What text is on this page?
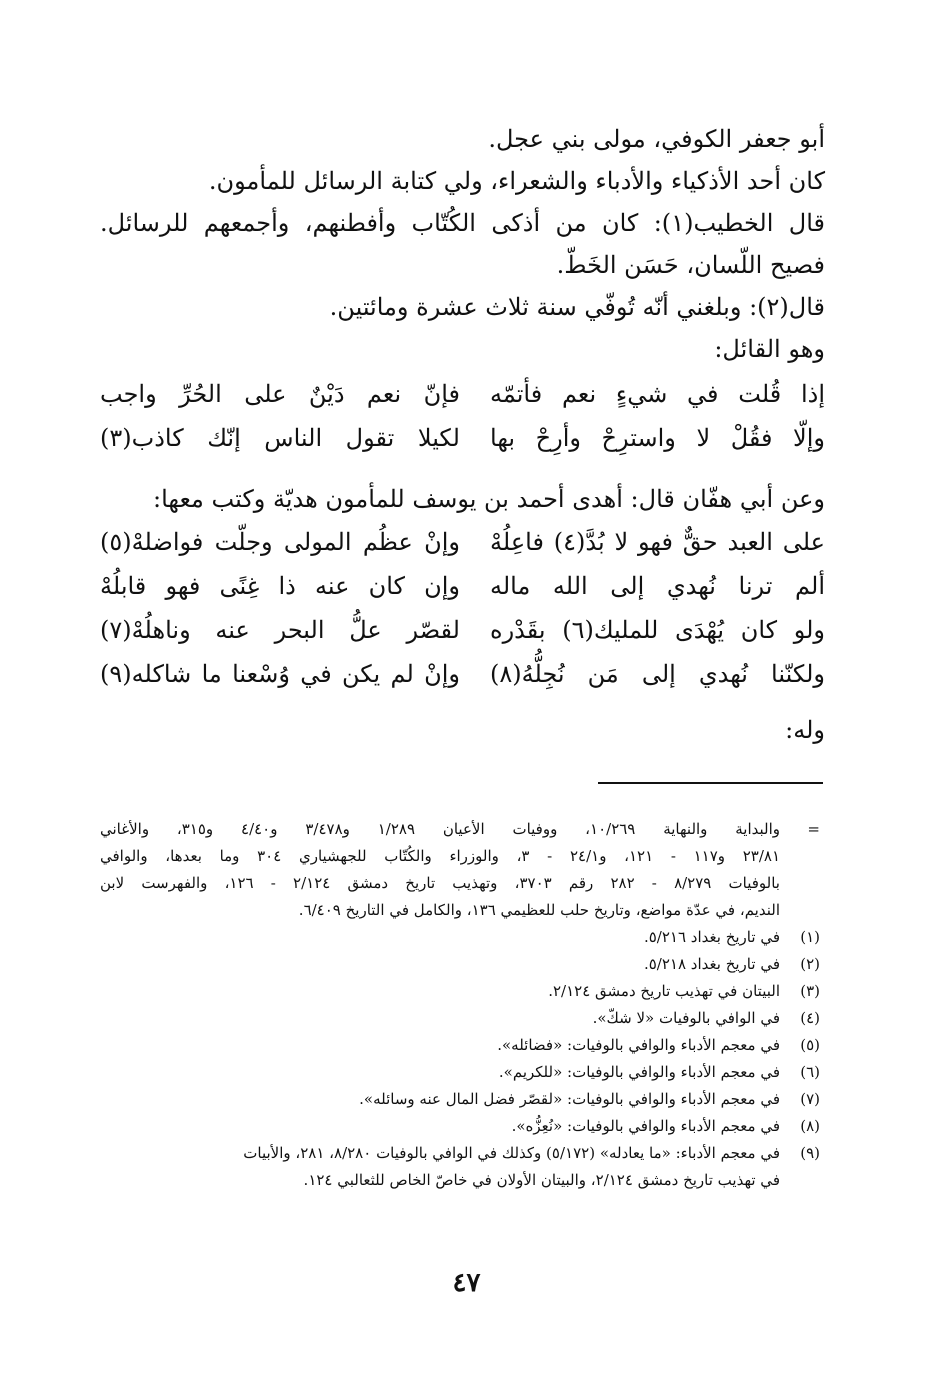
أبو جعفر الكوفي، مولى بني عجل.
كان أحد الأذكياء والأدباء والشعراء، ولي كتابة الرسائل للمأمون.
قال الخطيب(١): كان من أذكى الكُتّاب وأفطنهم، وأجمعهم للرسائل.
فصيح اللّسان، حَسَن الخَطّ.
قال(٢): وبلغني أنّه تُوفّي سنة ثلاث عشرة ومائتين.
وهو القائل:
إذا قُلت في شيءٍ نعم فأتمّه
فإنّ نعم دَيْنٌ على الحُرِّ واجب
وإلّا فقُلْ لا واسترِحْ وأرِحْ بها
لكيلا تقول الناس إنّك كاذب(٣)
وعن أبي هفّان قال: أهدى أحمد بن يوسف للمأمون هديّة وكتب معها:
على العبد حقٌّ فهو لا بُدَّ(٤) فاعِلُهْ
وإنْ عظُم المولى وجلّت فواضلهْ(٥)
ألم ترنا نُهدي إلى الله ماله
وإن كان عنه ذا غِنًى فهو قابلُهْ
ولو كان يُهْدَى للمليك(٦) بقَدْره
لقصّر علُّ البحر عنه وناهلُهْ(٧)
ولكنّنا نُهدي إلى مَن نُجِلُّهُ(٨)
وإنْ لم يكن في وُسْعنا ما شاكله(٩)
وله:
=
والبداية والنهاية ١٠/٢٦٩، ووفيات الأعيان ١/٢٨٩ و٣/٤٧٨ و٤/٤٠ و٣١٥، والأغاني
٢٣/٨١ و١١٧ - ١٢١، و٢٤/١ - ٣، والوزراء والكُتّاب للجهشياري ٣٠٤ وما بعدها، والوافي
بالوفيات ٨/٢٧٩ - ٢٨٢ رقم ٣٧٠٣، وتهذيب تاريخ دمشق ٢/١٢٤ - ١٢٦، والفهرست لابن
النديم، في عدّة مواضع، وتاريخ حلب للعظيمي ١٣٦، والكامل في التاريخ ٦/٤٠٩.
(١)
في تاريخ بغداد ٥/٢١٦.
(٢)
في تاريخ بغداد ٥/٢١٨.
(٣)
البيتان في تهذيب تاريخ دمشق ٢/١٢٤.
(٤)
في الوافي بالوفيات «لا شكّ».
(٥)
في معجم الأدباء والوافي بالوفيات: «فضائله».
(٦)
في معجم الأدباء والوافي بالوفيات: «للكريم».
(٧)
في معجم الأدباء والوافي بالوفيات: «لقصّر فضل المال عنه وسائله».
(٨)
في معجم الأدباء والوافي بالوفيات: «نُعِزُّه».
(٩)
في معجم الأدباء: «ما يعادله» (٥/١٧٢) وكذلك في الوافي بالوفيات ٨/٢٨٠، ٢٨١، والأبيات
في تهذيب تاريخ دمشق ٢/١٢٤، والبيتان الأولان في خاصّ الخاص للثعالبي ١٢٤.
٤٧
